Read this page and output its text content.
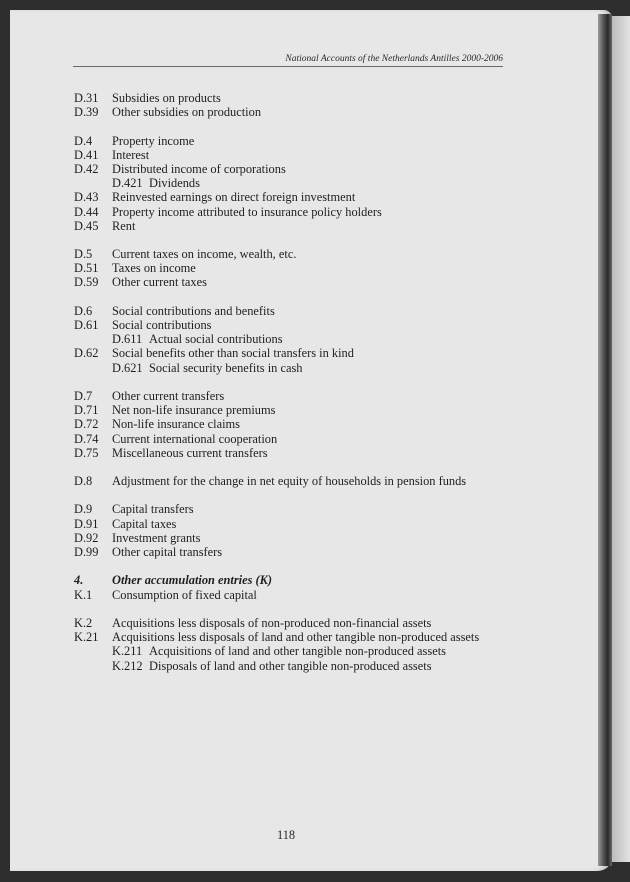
National Accounts of the Netherlands Antilles 2000-2006
D.31 Subsidies on products
D.39 Other subsidies on production
D.4 Property income
D.41 Interest
D.42 Distributed income of corporations
D.421 Dividends
D.43 Reinvested earnings on direct foreign investment
D.44 Property income attributed to insurance policy holders
D.45 Rent
D.5 Current taxes on income, wealth, etc.
D.51 Taxes on income
D.59 Other current taxes
D.6 Social contributions and benefits
D.61 Social contributions
D.611 Actual social contributions
D.62 Social benefits other than social transfers in kind
D.621 Social security benefits in cash
D.7 Other current transfers
D.71 Net non-life insurance premiums
D.72 Non-life insurance claims
D.74 Current international cooperation
D.75 Miscellaneous current transfers
D.8 Adjustment for the change in net equity of households in pension funds
D.9 Capital transfers
D.91 Capital taxes
D.92 Investment grants
D.99 Other capital transfers
4. Other accumulation entries (K)
K.1 Consumption of fixed capital
K.2 Acquisitions less disposals of non-produced non-financial assets
K.21 Acquisitions less disposals of land and other tangible non-produced assets
K.211 Acquisitions of land and other tangible non-produced assets
K.212 Disposals of land and other tangible non-produced assets
118
